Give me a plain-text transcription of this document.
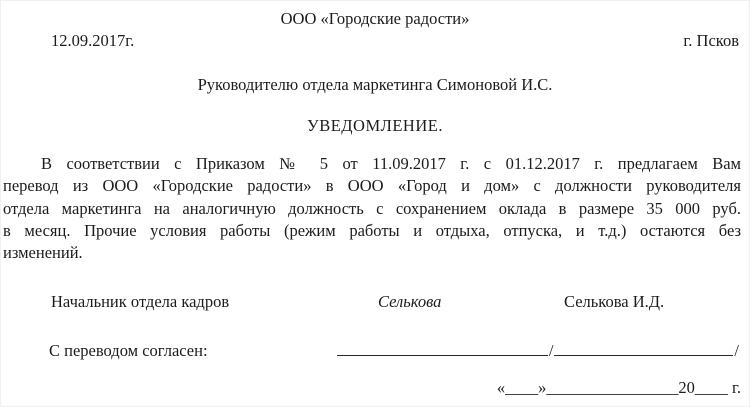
ООО «Городские радости»
12.09.2017г.	г. Псков
Руководителю отдела маркетинга Симоновой И.С.
УВЕДОМЛЕНИЕ.
В соответствии с Приказом № 5 от 11.09.2017 г. с 01.12.2017 г. предлагаем Вам
перевод из ООО «Городские радости» в ООО «Город и дом» с должности руководителя
отдела маркетинга на аналогичную должность с сохранением оклада в размере 35 000 руб.
в месяц. Прочие условия работы (режим работы и отдыха, отпуска, и т.д.) остаются без
изменений.
Начальник отдела кадров	Селькова	Селькова И.Д.
С переводом согласен:	/	/
«____»________________20____ г.
